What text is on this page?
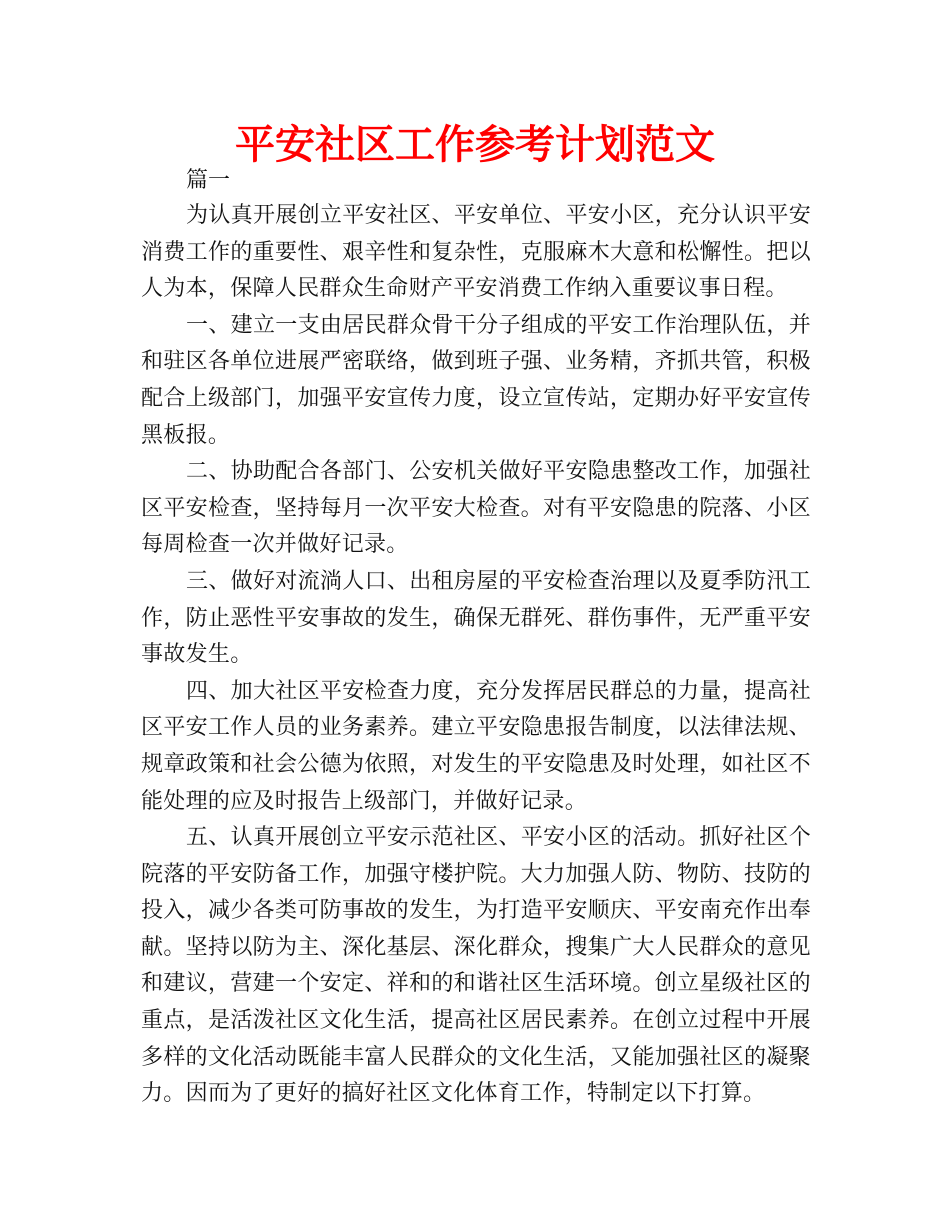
平安社区工作参考计划范文

篇一

为认真开展创立平安社区、平安单位、平安小区，充分认识平安消费工作的重要性、艰辛性和复杂性，克服麻木大意和松懈性。把以人为本，保障人民群众生命财产平安消费工作纳入重要议事日程。

一、建立一支由居民群众骨干分子组成的平安工作治理队伍，并和驻区各单位进展严密联络，做到班子强、业务精，齐抓共管，积极配合上级部门，加强平安宣传力度，设立宣传站，定期办好平安宣传黑板报。

二、协助配合各部门、公安机关做好平安隐患整改工作，加强社区平安检查，坚持每月一次平安大检查。对有平安隐患的院落、小区每周检查一次并做好记录。

三、做好对流淌人口、出租房屋的平安检查治理以及夏季防汛工作，防止恶性平安事故的发生，确保无群死、群伤事件，无严重平安事故发生。

四、加大社区平安检查力度，充分发挥居民群总的力量，提高社区平安工作人员的业务素养。建立平安隐患报告制度，以法律法规、规章政策和社会公德为依照，对发生的平安隐患及时处理，如社区不能处理的应及时报告上级部门，并做好记录。

五、认真开展创立平安示范社区、平安小区的活动。抓好社区个院落的平安防备工作，加强守楼护院。大力加强人防、物防、技防的投入，减少各类可防事故的发生，为打造平安顺庆、平安南充作出奉献。坚持以防为主、深化基层、深化群众，搜集广大人民群众的意见和建议，营建一个安定、祥和的和谐社区生活环境。创立星级社区的重点，是活泼社区文化生活，提高社区居民素养。在创立过程中开展多样的文化活动既能丰富人民群众的文化生活，又能加强社区的凝聚力。因而为了更好的搞好社区文化体育工作，特制定以下打算。
